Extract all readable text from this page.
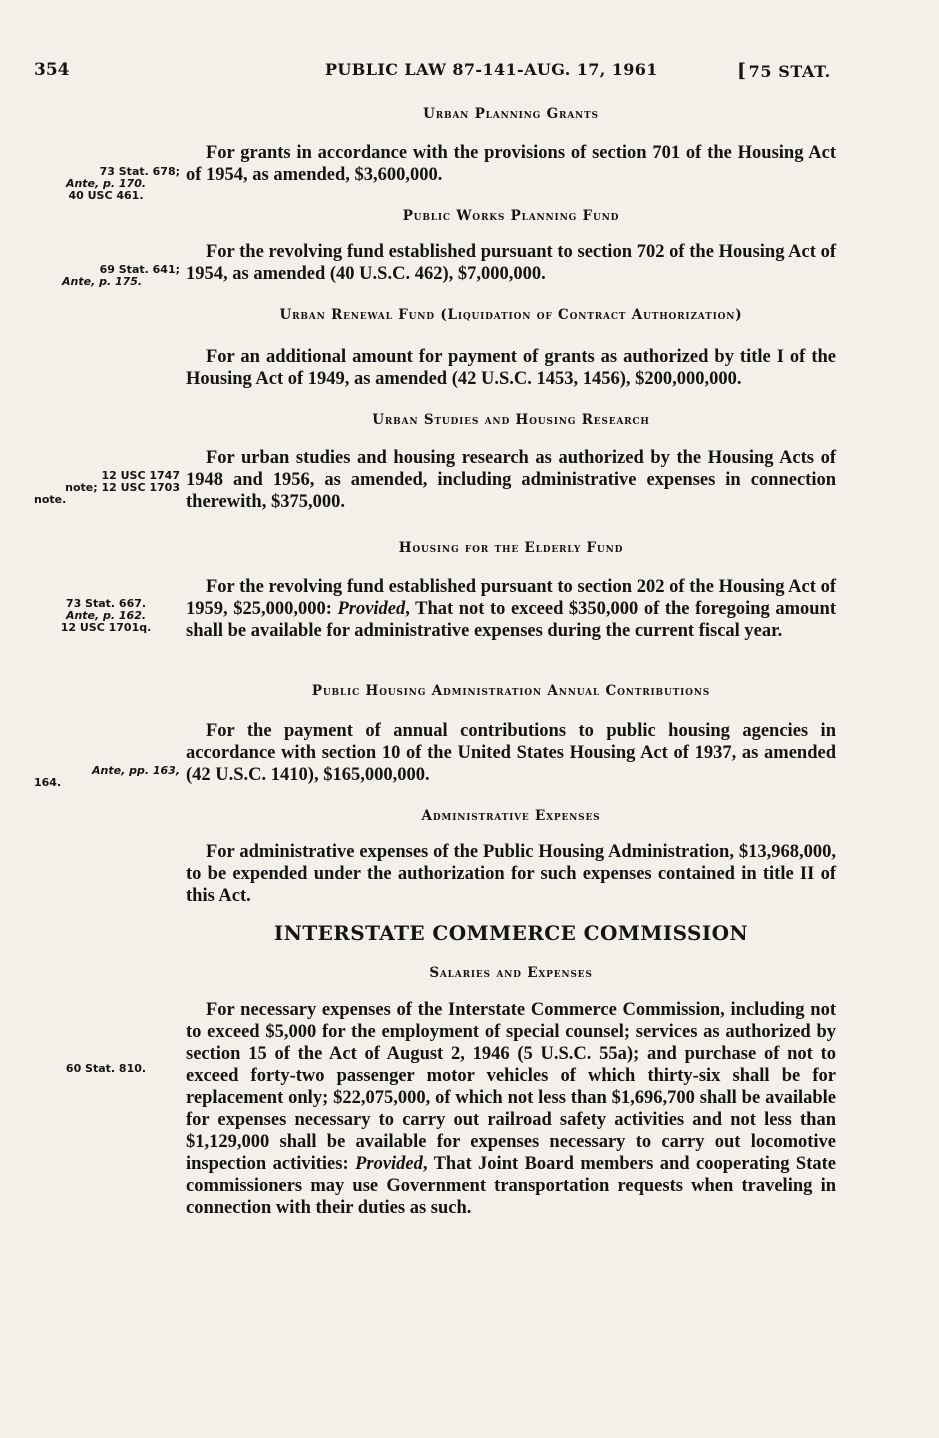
354	PUBLIC LAW 87-141-AUG. 17, 1961	[ 75 STAT.
Urban Planning Grants
For grants in accordance with the provisions of section 701 of the Housing Act of 1954, as amended, $3,600,000.
73 Stat. 678;
Ante, p. 170.
40 USC 461.
Public Works Planning Fund
For the revolving fund established pursuant to section 702 of the Housing Act of 1954, as amended (40 U.S.C. 462), $7,000,000.
69 Stat. 641;
Ante, p. 175.
Urban Renewal Fund (Liquidation of Contract Authorization)
For an additional amount for payment of grants as authorized by title I of the Housing Act of 1949, as amended (42 U.S.C. 1453, 1456), $200,000,000.
Urban Studies and Housing Research
For urban studies and housing research as authorized by the Housing Acts of 1948 and 1956, as amended, including administrative expenses in connection therewith, $375,000.
12 USC 1747
note; 12 USC 1703
note.
Housing for the Elderly Fund
For the revolving fund established pursuant to section 202 of the Housing Act of 1959, $25,000,000: Provided, That not to exceed $350,000 of the foregoing amount shall be available for administrative expenses during the current fiscal year.
73 Stat. 667.
Ante, p. 162.
12 USC 1701q.
Public Housing Administration Annual Contributions
For the payment of annual contributions to public housing agencies in accordance with section 10 of the United States Housing Act of 1937, as amended (42 U.S.C. 1410), $165,000,000.
Ante, pp. 163,
164.
Administrative Expenses
For administrative expenses of the Public Housing Administration, $13,968,000, to be expended under the authorization for such expenses contained in title II of this Act.
INTERSTATE COMMERCE COMMISSION
Salaries and Expenses
For necessary expenses of the Interstate Commerce Commission, including not to exceed $5,000 for the employment of special counsel; services as authorized by section 15 of the Act of August 2, 1946 (5 U.S.C. 55a); and purchase of not to exceed forty-two passenger motor vehicles of which thirty-six shall be for replacement only; $22,075,000, of which not less than $1,696,700 shall be available for expenses necessary to carry out railroad safety activities and not less than $1,129,000 shall be available for expenses necessary to carry out locomotive inspection activities: Provided, That Joint Board members and cooperating State commissioners may use Government transportation requests when traveling in connection with their duties as such.
60 Stat. 810.
